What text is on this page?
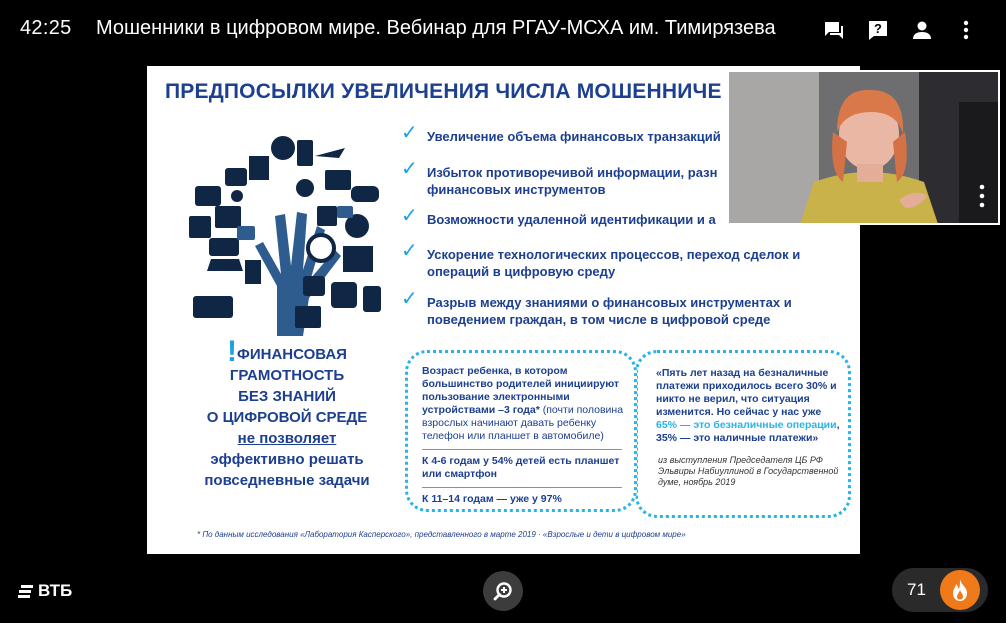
42:25 Мошенники в цифровом мире. Вебинар для РГАУ-МСХА им. Тимирязева	?
ПРЕДПОСЫЛКИ УВЕЛИЧЕНИЯ ЧИСЛА МОШЕННИЧЕ
!ФИНАНСОВАЯ
ГРАМОТНОСТЬ
БЕЗ ЗНАНИЙ
О ЦИФРОВОЙ СРЕДЕ
не позволяет
эффективно решать
повседневные задачи
✓ Увеличение объема финансовых транзакций
✓ Избыток противоречивой информации, разн
финансовых инструментов
✓ Возможности удаленной идентификации и а
✓ Ускорение технологических процессов, переход сделок и
операций в цифровую среду
✓ Разрыв между знаниями о финансовых инструментах и
поведением граждан, в том числе в цифровой среде
«Пять лет назад на безналичные платежи приходилось всего 30% и никто не верил, что ситуация изменится. Но сейчас у нас уже 65% — это безналичные операции, 35% — это наличные платежи»
из выступления Председателя ЦБ РФ Эльвиры Набиуллиной в Государственной думе, ноябрь 2019
Возраст ребенка, в котором большинство родителей инициируют пользование электронными устройствами –3 года* (почти половина взрослых начинают давать ребенку телефон или планшет в автомобиле)
К 4-6 годам у 54% детей есть планшет или смартфон
К 11–14 годам — уже у 97%
* По данным исследования «Лаборатория Касперского», представленного в марте 2019 · «Взрослые и дети в цифровом мире»
ВТБ	71
